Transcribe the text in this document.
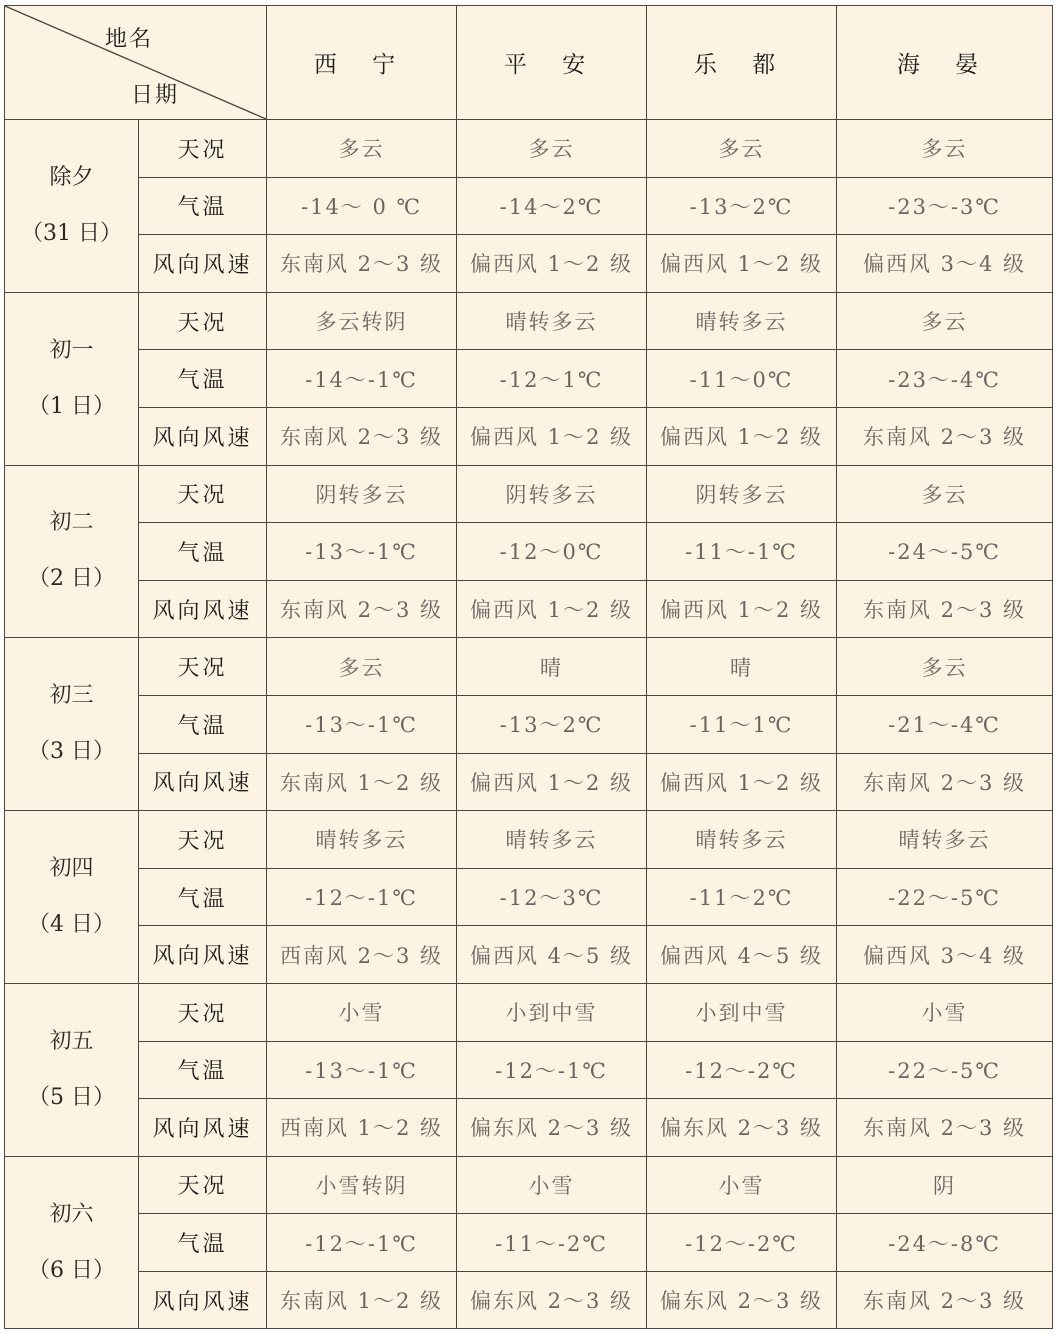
地名
日期		西 宁	平 安	乐 都	海 晏

除夕
（31 日）	天况	多云	多云	多云	多云
	气温	-14～ 0 ℃	-14～2℃	-13～2℃	-23～-3℃
	风向风速	东南风 2～3 级	偏西风 1～2 级	偏西风 1～2 级	偏西风 3～4 级

初一
（1 日）	天况	多云转阴	晴转多云	晴转多云	多云
	气温	-14～-1℃	-12～1℃	-11～0℃	-23～-4℃
	风向风速	东南风 2～3 级	偏西风 1～2 级	偏西风 1～2 级	东南风 2～3 级

初二
（2 日）	天况	阴转多云	阴转多云	阴转多云	多云
	气温	-13～-1℃	-12～0℃	-11～-1℃	-24～-5℃
	风向风速	东南风 2～3 级	偏西风 1～2 级	偏西风 1～2 级	东南风 2～3 级

初三
（3 日）	天况	多云	晴	晴	多云
	气温	-13～-1℃	-13～2℃	-11～1℃	-21～-4℃
	风向风速	东南风 1～2 级	偏西风 1～2 级	偏西风 1～2 级	东南风 2～3 级

初四
（4 日）	天况	晴转多云	晴转多云	晴转多云	晴转多云
	气温	-12～-1℃	-12～3℃	-11～2℃	-22～-5℃
	风向风速	西南风 2～3 级	偏西风 4～5 级	偏西风 4～5 级	偏西风 3～4 级

初五
（5 日）	天况	小雪	小到中雪	小到中雪	小雪
	气温	-13～-1℃	-12～-1℃	-12～-2℃	-22～-5℃
	风向风速	西南风 1～2 级	偏东风 2～3 级	偏东风 2～3 级	东南风 2～3 级

初六
（6 日）	天况	小雪转阴	小雪	小雪	阴
	气温	-12～-1℃	-11～-2℃	-12～-2℃	-24～-8℃
	风向风速	东南风 1～2 级	偏东风 2～3 级	偏东风 2～3 级	东南风 2～3 级
